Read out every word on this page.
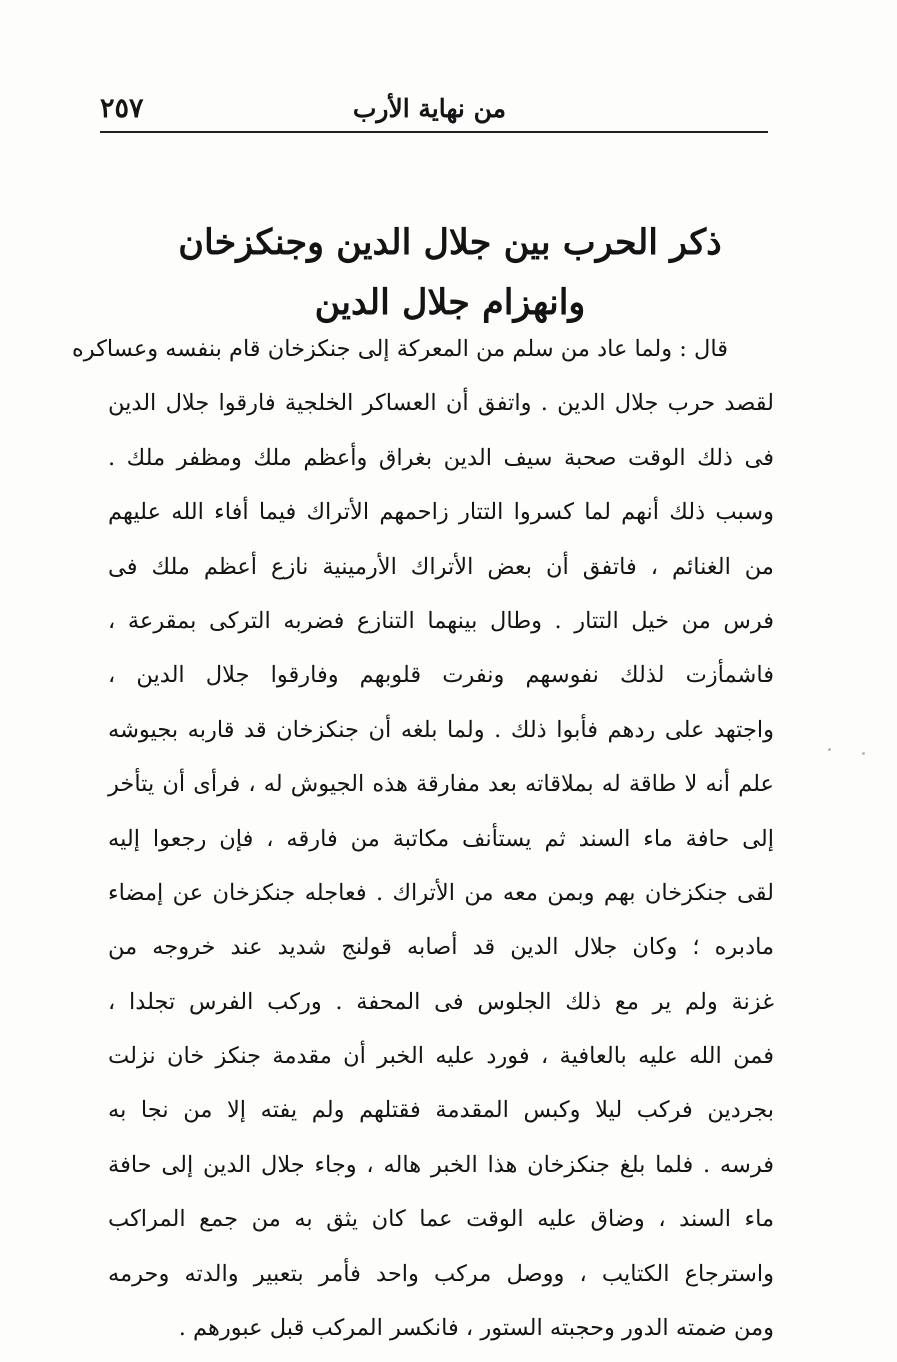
من نهاية الأرب
٢٥٧
ذكر الحرب بين جلال الدين وجنكزخان
وانهزام جلال الدين
قال : ولما عاد من سلم من المعركة إلى جنكزخان قام بنفسه وعساكره
لقصد حرب جلال الدين . واتفق أن العساكر الخلجية فارقوا جلال الدين
فى ذلك الوقت صحبة سيف الدين بغراق وأعظم ملك ومظفر ملك .
وسبب ذلك أنهم لما كسروا التتار زاحمهم الأتراك فيما أفاء الله عليهم
من الغنائم ، فاتفق أن بعض الأتراك الأرمينية نازع أعظم ملك فى
فرس من خيل التتار . وطال بينهما التنازع فضربه التركى بمقرعة ،
فاشمأزت لذلك نفوسهم ونفرت قلوبهم وفارقوا جلال الدين ،
واجتهد على ردهم فأبوا ذلك . ولما بلغه أن جنكزخان قد قاربه بجيوشه
علم أنه لا طاقة له بملاقاته بعد مفارقة هذه الجيوش له ، فرأى أن يتأخر
إلى حافة ماء السند ثم يستأنف مكاتبة من فارقه ، فإن رجعوا إليه
لقى جنكزخان بهم وبمن معه من الأتراك . فعاجله جنكزخان عن إمضاء
مادبره ؛ وكان جلال الدين قد أصابه قولنج شديد عند خروجه من
غزنة ولم ير مع ذلك الجلوس فى المحفة . وركب الفرس تجلدا ،
فمن الله عليه بالعافية ، فورد عليه الخبر أن مقدمة جنكز خان نزلت
بجردين فركب ليلا وكبس المقدمة فقتلهم ولم يفته إلا من نجا به
فرسه . فلما بلغ جنكزخان هذا الخبر هاله ، وجاء جلال الدين إلى حافة
ماء السند ، وضاق عليه الوقت عما كان يثق به من جمع المراكب
واسترجاع الكتايب ، ووصل مركب واحد فأمر بتعبير والدته وحرمه
ومن ضمته الدور وحجبته الستور ، فانكسر المركب قبل عبورهم .
